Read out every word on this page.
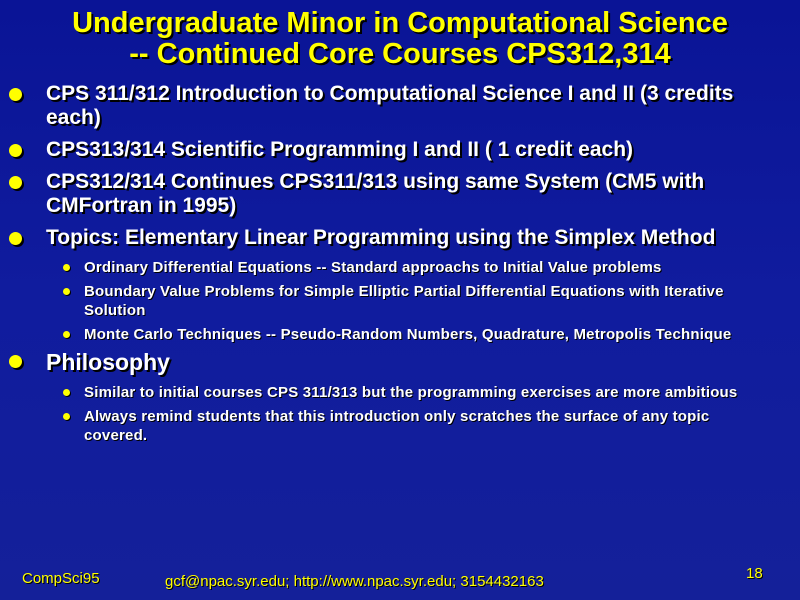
Undergraduate Minor in Computational Science
-- Continued Core Courses CPS312,314
CPS 311/312 Introduction to Computational Science I and II (3 credits each)
CPS313/314 Scientific Programming I and II ( 1 credit each)
CPS312/314 Continues CPS311/313 using same System (CM5 with CMFortran in 1995)
Topics: Elementary Linear Programming using the Simplex Method
Ordinary Differential Equations -- Standard approachs to Initial Value problems
Boundary Value Problems for Simple Elliptic Partial Differential Equations with Iterative Solution
Monte Carlo Techniques -- Pseudo-Random Numbers, Quadrature, Metropolis Technique
Philosophy
Similar to initial courses CPS 311/313 but the programming exercises are more ambitious
Always remind students that this introduction only scratches the surface of any topic covered.
CompSci95	gcf@npac.syr.edu; http://www.npac.syr.edu; 3154432163	18
